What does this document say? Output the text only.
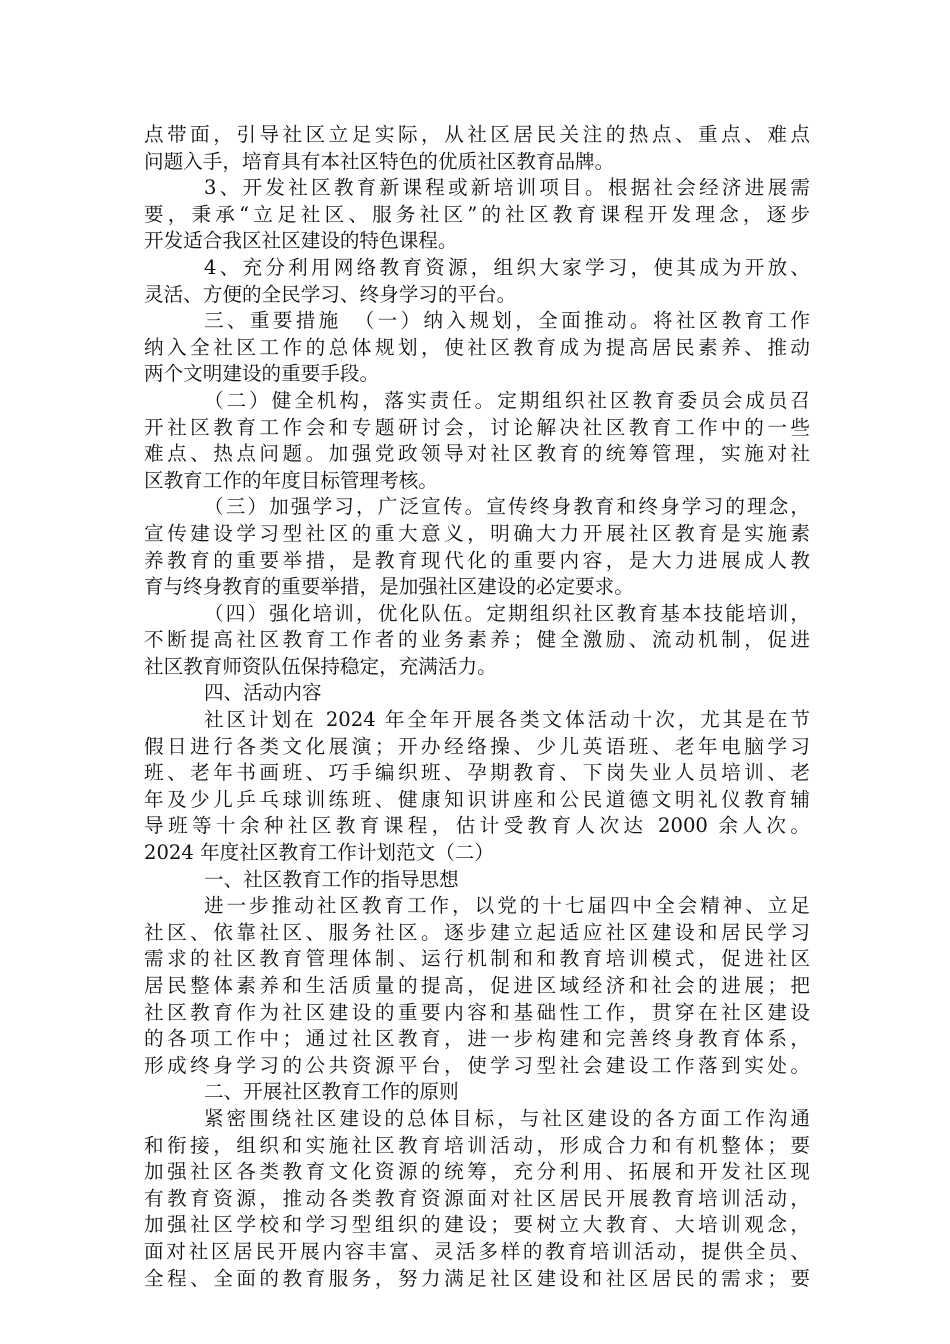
点带面，引导社区立足实际，从社区居民关注的热点、重点、难点
问题入手，培育具有本社区特色的优质社区教育品牌。
3、开发社区教育新课程或新培训项目。根据社会经济进展需
要，秉承“立足社区、服务社区”的社区教育课程开发理念，逐步
开发适合我区社区建设的特色课程。
4、充分利用网络教育资源，组织大家学习，使其成为开放、
灵活、方便的全民学习、终身学习的平台。
三、重要措施　（一）纳入规划，全面推动。将社区教育工作
纳入全社区工作的总体规划，使社区教育成为提高居民素养、推动
两个文明建设的重要手段。
（二）健全机构，落实责任。定期组织社区教育委员会成员召
开社区教育工作会和专题研讨会，讨论解决社区教育工作中的一些
难点、热点问题。加强党政领导对社区教育的统筹管理，实施对社
区教育工作的年度目标管理考核。
（三）加强学习，广泛宣传。宣传终身教育和终身学习的理念，
宣传建设学习型社区的重大意义，明确大力开展社区教育是实施素
养教育的重要举措，是教育现代化的重要内容，是大力进展成人教
育与终身教育的重要举措，是加强社区建设的必定要求。
（四）强化培训，优化队伍。定期组织社区教育基本技能培训，
不断提高社区教育工作者的业务素养；健全激励、流动机制，促进
社区教育师资队伍保持稳定，充满活力。
四、活动内容
社区计划在 2024 年全年开展各类文体活动十次，尤其是在节
假日进行各类文化展演；开办经络操、少儿英语班、老年电脑学习
班、老年书画班、巧手编织班、孕期教育、下岗失业人员培训、老
年及少儿乒乓球训练班、健康知识讲座和公民道德文明礼仪教育辅
导班等十余种社区教育课程，估计受教育人次达 2000 余人次。
2024 年度社区教育工作计划范文（二）
一、社区教育工作的指导思想
进一步推动社区教育工作，以党的十七届四中全会精神、立足
社区、依靠社区、服务社区。逐步建立起适应社区建设和居民学习
需求的社区教育管理体制、运行机制和和教育培训模式，促进社区
居民整体素养和生活质量的提高，促进区域经济和社会的进展；把
社区教育作为社区建设的重要内容和基础性工作，贯穿在社区建设
的各项工作中；通过社区教育，进一步构建和完善终身教育体系，
形成终身学习的公共资源平台，使学习型社会建设工作落到实处。
二、开展社区教育工作的原则
紧密围绕社区建设的总体目标，与社区建设的各方面工作沟通
和衔接，组织和实施社区教育培训活动，形成合力和有机整体；要
加强社区各类教育文化资源的统筹，充分利用、拓展和开发社区现
有教育资源，推动各类教育资源面对社区居民开展教育培训活动，
加强社区学校和学习型组织的建设；要树立大教育、大培训观念，
面对社区居民开展内容丰富、灵活多样的教育培训活动，提供全员、
全程、全面的教育服务，努力满足社区建设和社区居民的需求；要
